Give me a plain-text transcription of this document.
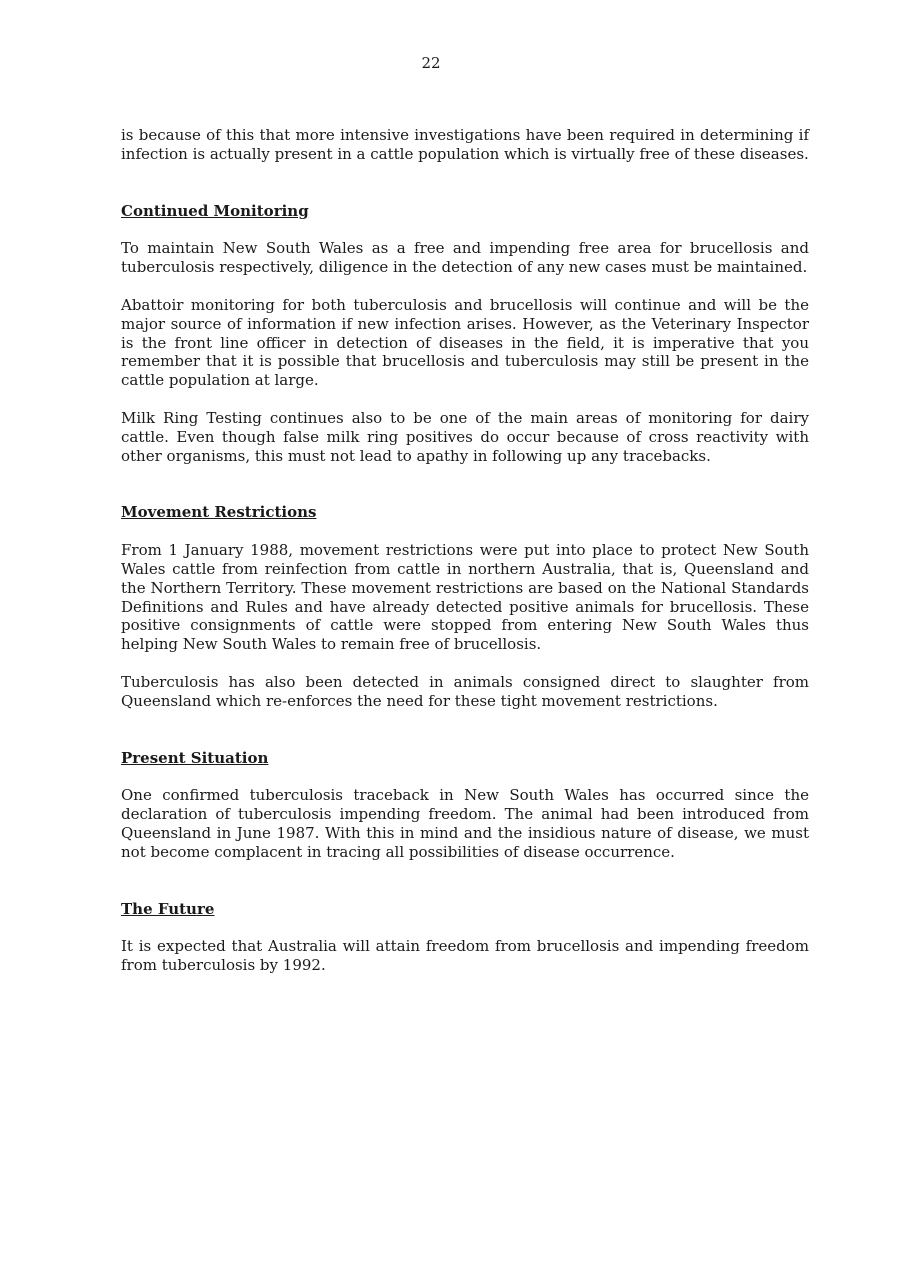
22

is because of this that more intensive investigations have been required in determining if infection is actually present in a cattle population which is virtually free of these diseases.

Continued Monitoring

To maintain New South Wales as a free and impending free area for brucellosis and tuberculosis respectively, diligence in the detection of any new cases must be maintained.

Abattoir monitoring for both tuberculosis and brucellosis will continue and will be the major source of information if new infection arises. However, as the Veterinary Inspector is the front line officer in detection of diseases in the field, it is imperative that you remember that it is possible that brucellosis and tuberculosis may still be present in the cattle population at large.

Milk Ring Testing continues also to be one of the main areas of monitoring for dairy cattle. Even though false milk ring positives do occur because of cross reactivity with other organisms, this must not lead to apathy in following up any tracebacks.

Movement Restrictions

From 1 January 1988, movement restrictions were put into place to protect New South Wales cattle from reinfection from cattle in northern Australia, that is, Queensland and the Northern Territory. These movement restrictions are based on the National Standards Definitions and Rules and have already detected positive animals for brucellosis. These positive consignments of cattle were stopped from entering New South Wales thus helping New South Wales to remain free of brucellosis.

Tuberculosis has also been detected in animals consigned direct to slaughter from Queensland which re-enforces the need for these tight movement restrictions.

Present Situation

One confirmed tuberculosis traceback in New South Wales has occurred since the declaration of tuberculosis impending freedom. The animal had been introduced from Queensland in June 1987. With this in mind and the insidious nature of disease, we must not become complacent in tracing all possibilities of disease occurrence.

The Future

It is expected that Australia will attain freedom from brucellosis and impending freedom from tuberculosis by 1992.
